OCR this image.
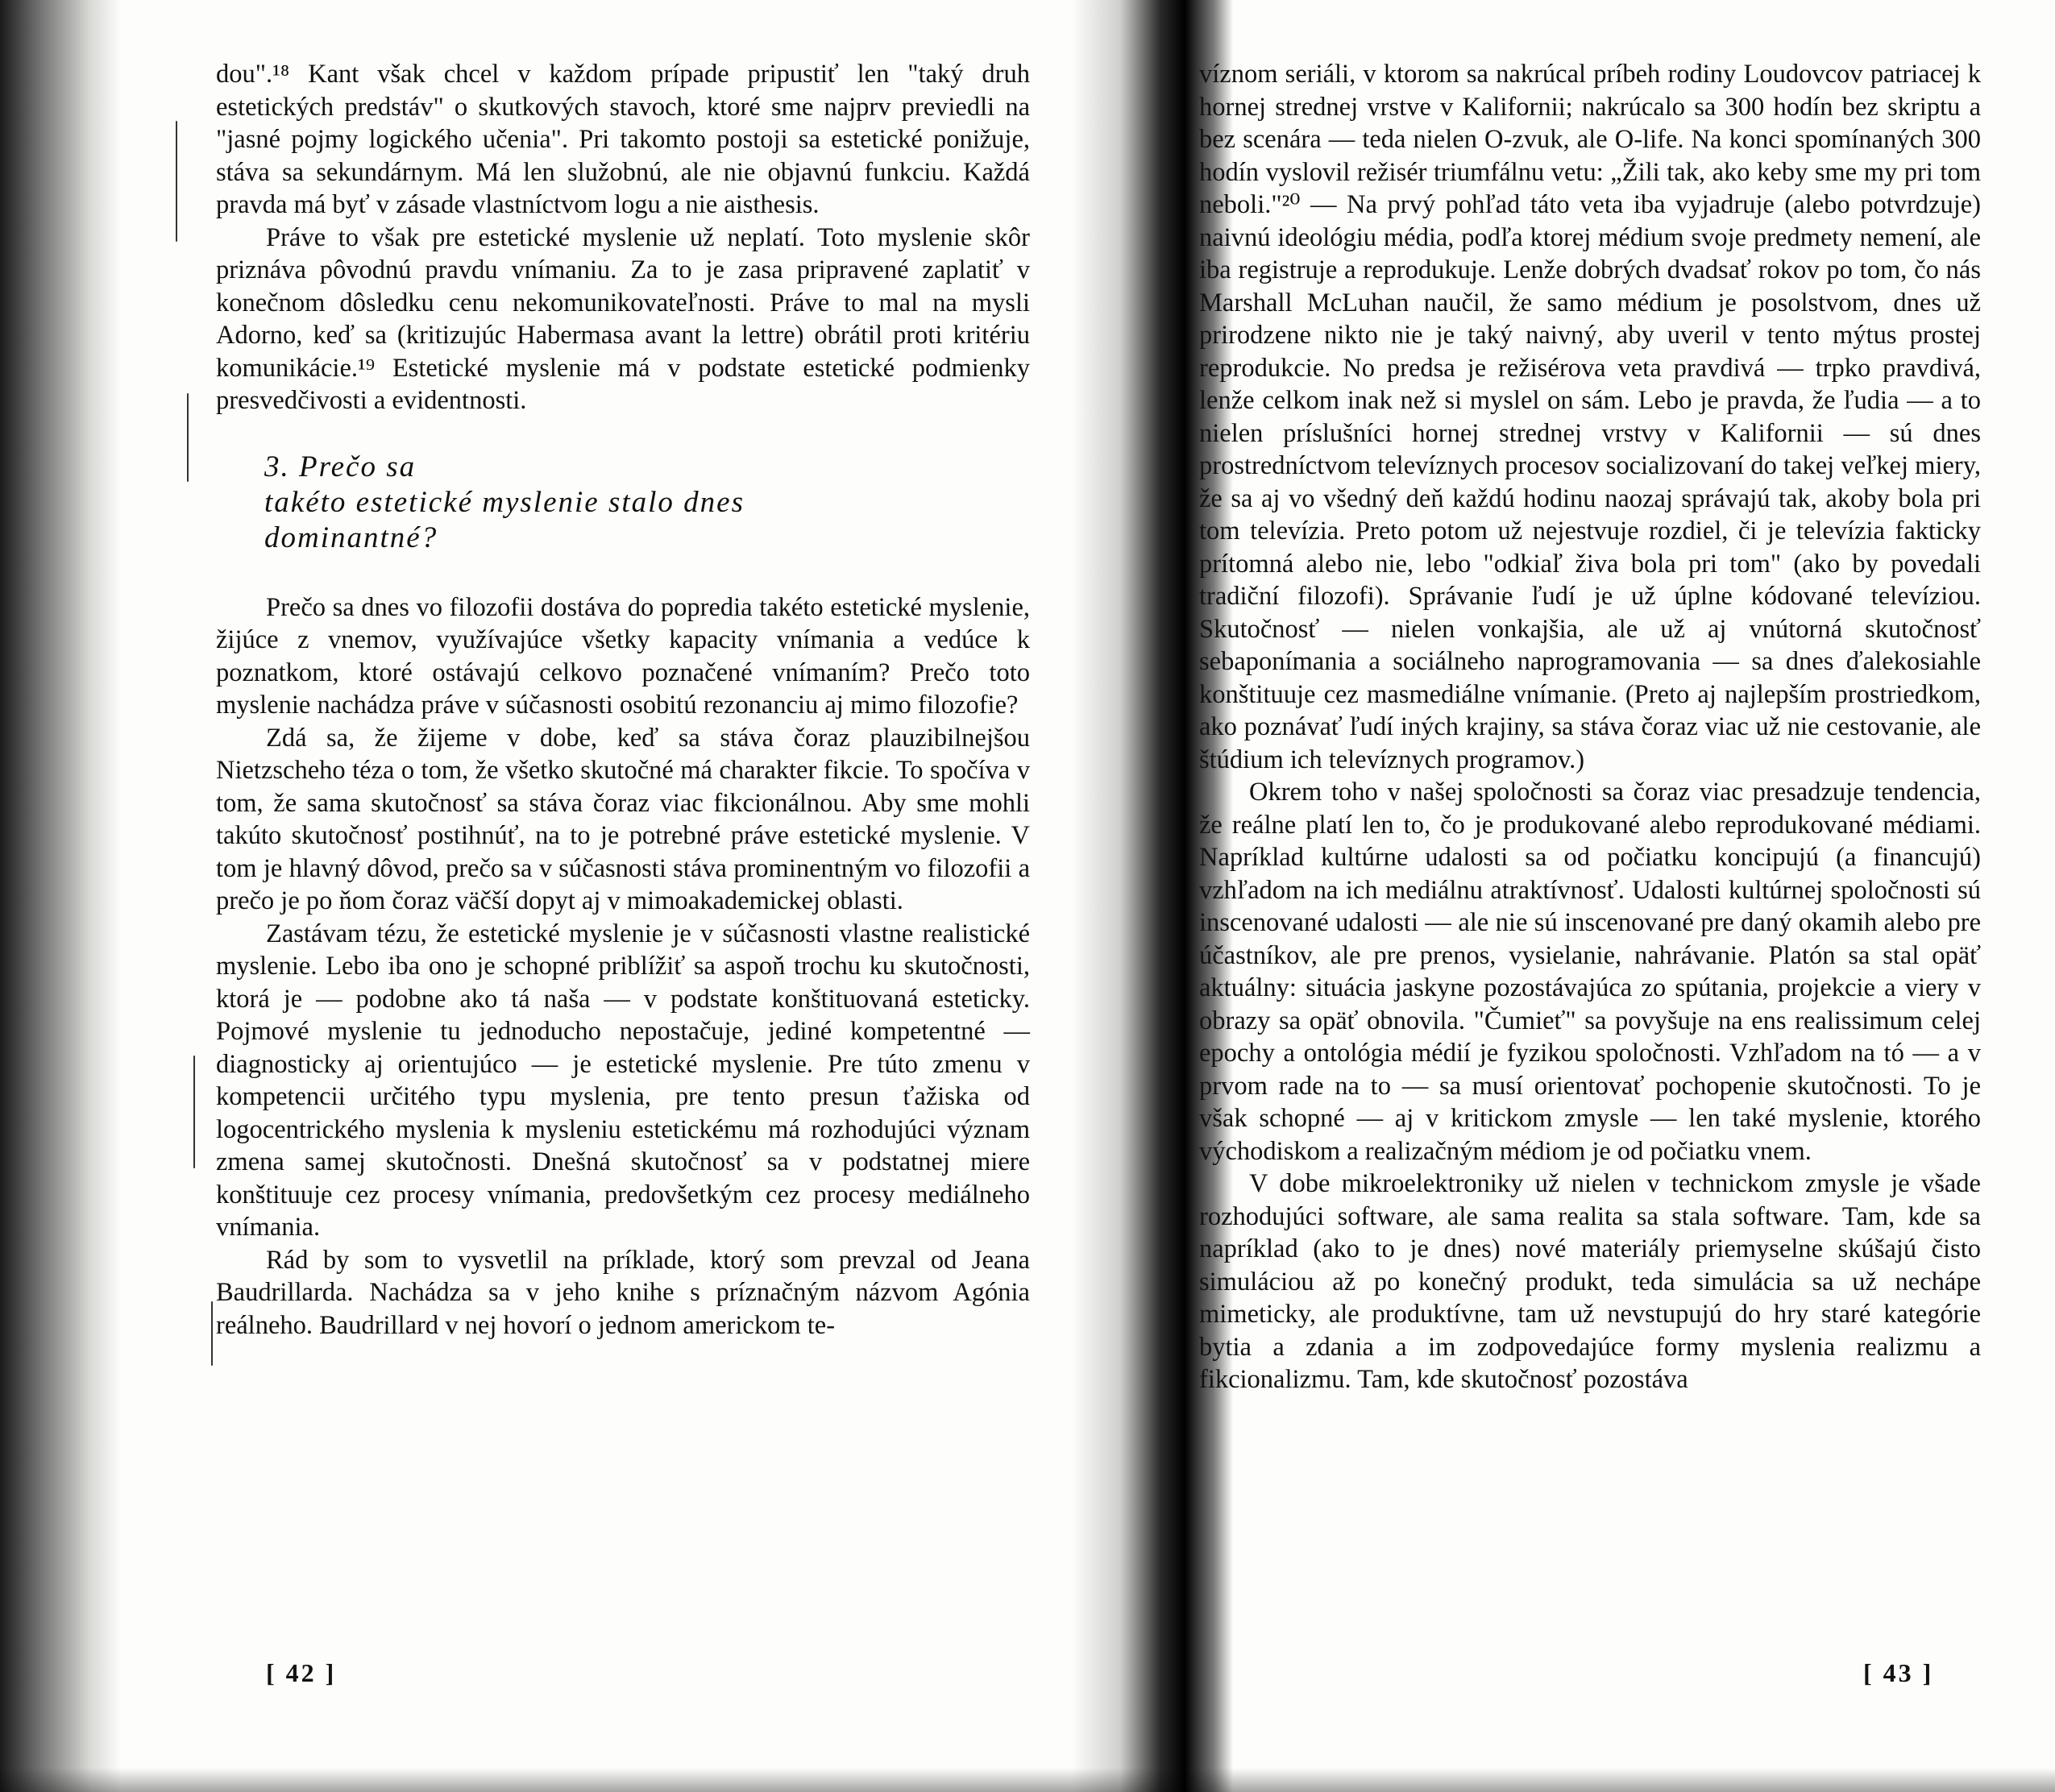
dou".¹⁸ Kant však chcel v každom prípade pripustiť len "taký druh estetických predstáv" o skutkových stavoch, ktoré sme najprv previedli na "jasné pojmy logického učenia". Pri takomto postoji sa estetické ponižuje, stáva sa sekundárnym. Má len služobnú, ale nie objavnú funkciu. Každá pravda má byť v zásade vlastníctvom logu a nie aisthesis.

Práve to však pre estetické myslenie už neplatí. Toto myslenie skôr priznáva pôvodnú pravdu vnímaniu. Za to je zasa pripravené zaplatiť v konečnom dôsledku cenu nekomunikovateľnosti. Práve to mal na mysli Adorno, keď sa (kritizujúc Habermasa avant la lettre) obrátil proti kritériu komunikácie.¹⁹ Estetické myslenie má v podstate estetické podmienky presvedčivosti a evidentnosti.

3. Prečo sa
takéto estetické myslenie stalo dnes
dominantné?

Prečo sa dnes vo filozofii dostáva do popredia takéto estetické myslenie, žijúce z vnemov, využívajúce všetky kapacity vnímania a vedúce k poznatkom, ktoré ostávajú celkovo poznačené vnímaním? Prečo toto myslenie nachádza práve v súčasnosti osobitú rezonanciu aj mimo filozofie?

Zdá sa, že žijeme v dobe, keď sa stáva čoraz plauzibilnejšou Nietzscheho téza o tom, že všetko skutočné má charakter fikcie. To spočíva v tom, že sama skutočnosť sa stáva čoraz viac fikcionálnou. Aby sme mohli takúto skutočnosť postihnúť, na to je potrebné práve estetické myslenie. V tom je hlavný dôvod, prečo sa v súčasnosti stáva prominentným vo filozofii a prečo je po ňom čoraz väčší dopyt aj v mimoakademickej oblasti.

Zastávam tézu, že estetické myslenie je v súčasnosti vlastne realistické myslenie. Lebo iba ono je schopné priblížiť sa aspoň trochu ku skutočnosti, ktorá je — podobne ako tá naša — v podstate konštituovaná esteticky. Pojmové myslenie tu jednoducho nepostačuje, jediné kompetentné — diagnosticky aj orientujúco — je estetické myslenie. Pre túto zmenu v kompetencii určitého typu myslenia, pre tento presun ťažiska od logocentrického myslenia k mysleniu estetickému má rozhodujúci význam zmena samej skutočnosti. Dnešná skutočnosť sa v podstatnej miere konštituuje cez procesy vnímania, predovšetkým cez procesy mediálneho vnímania.

Rád by som to vysvetlil na príklade, ktorý som prevzal od Jeana Baudrillarda. Nachádza sa v jeho knihe s príznačným názvom Agónia reálneho. Baudrillard v nej hovorí o jednom americkom te-

víznom seriáli, v ktorom sa nakrúcal príbeh rodiny Loudovcov patriacej k hornej strednej vrstve v Kalifornii; nakrúcalo sa 300 hodín bez skriptu a bez scenára — teda nielen O-zvuk, ale O-life. Na konci spomínaných 300 hodín vyslovil režisér triumfálnu vetu: „Žili tak, ako keby sme my pri tom neboli."²⁰ — Na prvý pohľad táto veta iba vyjadruje (alebo potvrdzuje) naivnú ideológiu média, podľa ktorej médium svoje predmety nemení, ale iba registruje a reprodukuje. Lenže dobrých dvadsať rokov po tom, čo nás Marshall McLuhan naučil, že samo médium je posolstvom, dnes už prirodzene nikto nie je taký naivný, aby uveril v tento mýtus prostej reprodukcie. No predsa je režisérova veta pravdivá — trpko pravdivá, lenže celkom inak než si myslel on sám. Lebo je pravda, že ľudia — a to nielen príslušníci hornej strednej vrstvy v Kalifornii — sú dnes prostredníctvom televíznych procesov socializovaní do takej veľkej miery, že sa aj vo všedný deň každú hodinu naozaj správajú tak, akoby bola pri tom televízia. Preto potom už nejestvuje rozdiel, či je televízia fakticky prítomná alebo nie, lebo "odkiaľ živa bola pri tom" (ako by povedali tradiční filozofi). Správanie ľudí je už úplne kódované televíziou. Skutočnosť — nielen vonkajšia, ale už aj vnútorná skutočnosť sebaponímania a sociálneho naprogramovania — sa dnes ďalekosiahle konštituuje cez masmediálne vnímanie. (Preto aj najlepším prostriedkom, ako poznávať ľudí iných krajiny, sa stáva čoraz viac už nie cestovanie, ale štúdium ich televíznych programov.)

Okrem toho v našej spoločnosti sa čoraz viac presadzuje tendencia, že reálne platí len to, čo je produkované alebo reprodukované médiami. Napríklad kultúrne udalosti sa od počiatku koncipujú (a financujú) vzhľadom na ich mediálnu atraktívnosť. Udalosti kultúrnej spoločnosti sú inscenované udalosti — ale nie sú inscenované pre daný okamih alebo pre účastníkov, ale pre prenos, vysielanie, nahrávanie. Platón sa stal opäť aktuálny: situácia jaskyne pozostávajúca zo spútania, projekcie a viery v obrazy sa opäť obnovila. "Čumieť" sa povyšuje na ens realissimum celej epochy a ontológia médií je fyzikou spoločnosti. Vzhľadom na tó — a v prvom rade na to — sa musí orientovať pochopenie skutočnosti. To je však schopné — aj v kritickom zmysle — len také myslenie, ktorého východiskom a realizačným médiom je od počiatku vnem.

V dobe mikroelektroniky už nielen v technickom zmysle je všade rozhodujúci software, ale sama realita sa stala software. Tam, kde sa napríklad (ako to je dnes) nové materiály priemyselne skúšajú čisto simuláciou až po konečný produkt, teda simulácia sa už nechápe mimeticky, ale produktívne, tam už nevstupujú do hry staré kategórie bytia a zdania a im zodpovedajúce formy myslenia realizmu a fikcionalizmu. Tam, kde skutočnosť pozostáva

[ 42 ]	[ 43 ]
